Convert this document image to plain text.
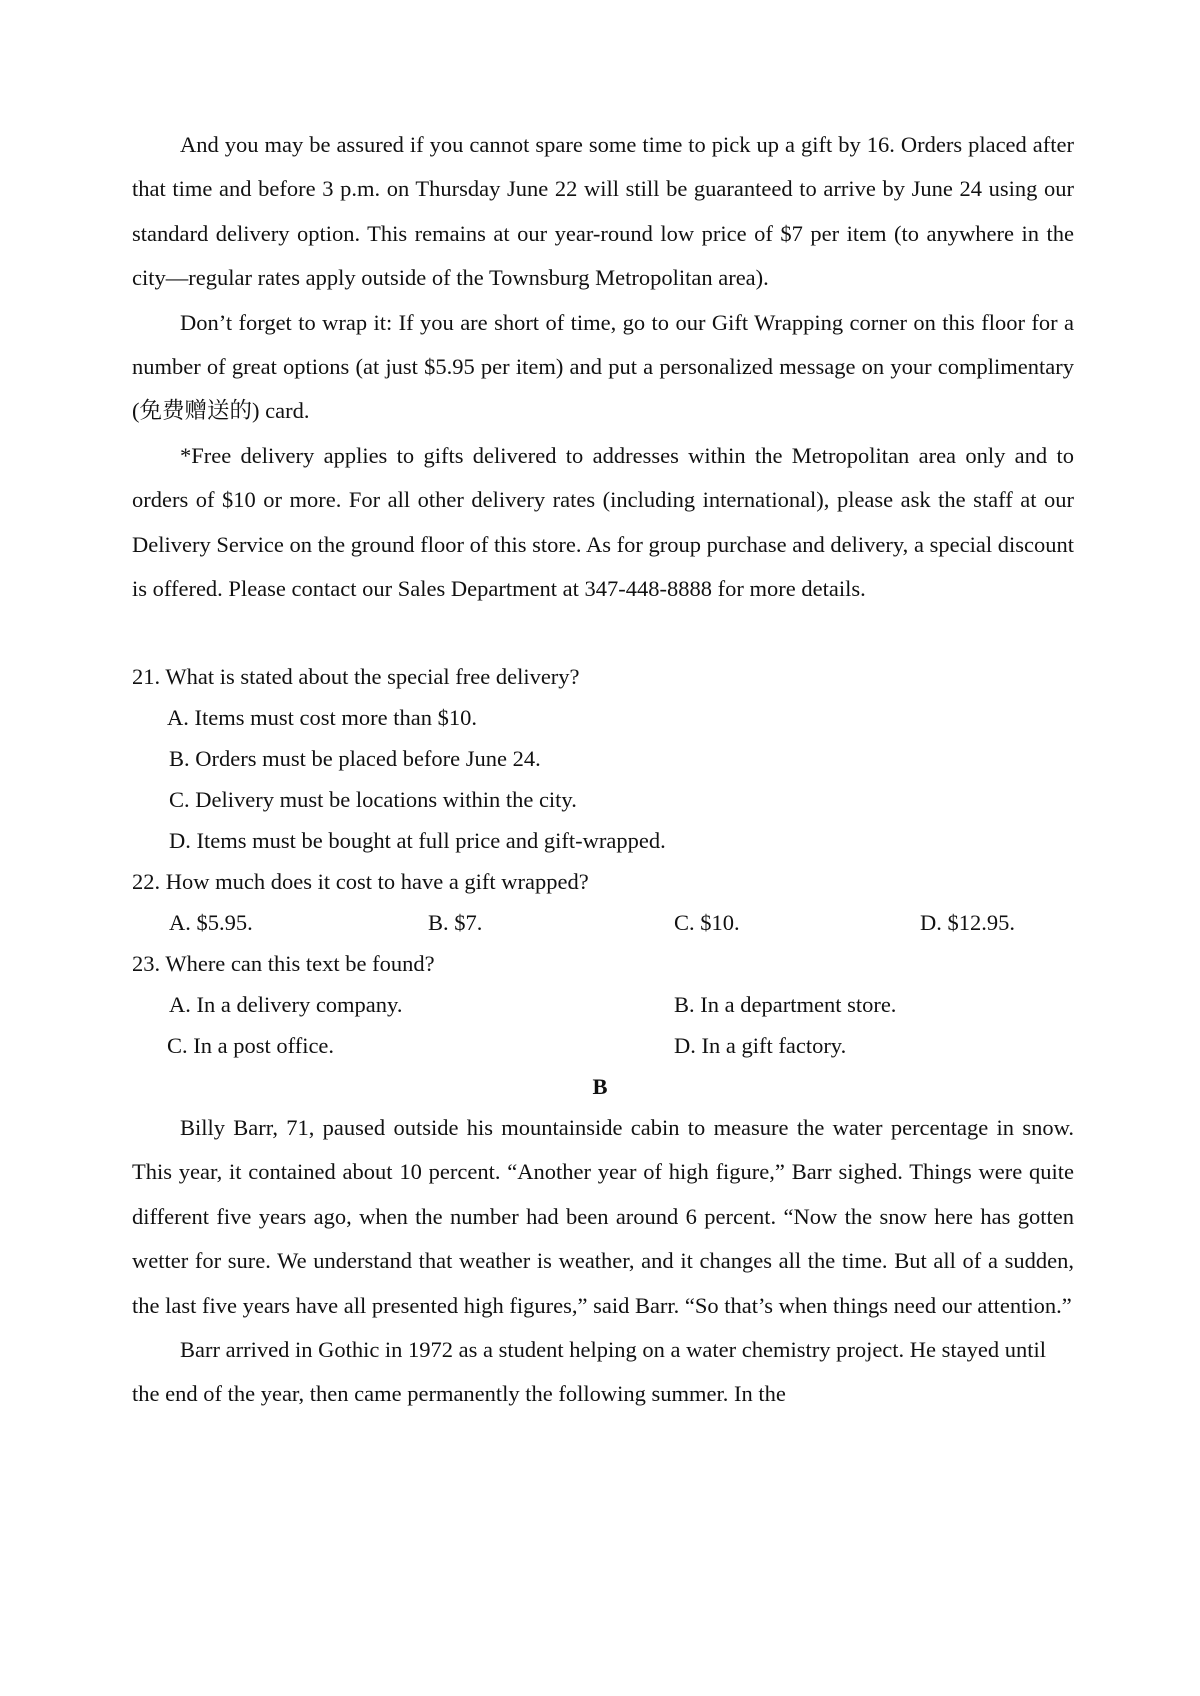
And you may be assured if you cannot spare some time to pick up a gift by 16. Orders placed after that time and before 3 p.m. on Thursday June 22 will still be guaranteed to arrive by June 24 using our standard delivery option. This remains at our year-round low price of $7 per item (to anywhere in the city—regular rates apply outside of the Townsburg Metropolitan area).

Don’t forget to wrap it: If you are short of time, go to our Gift Wrapping corner on this floor for a number of great options (at just $5.95 per item) and put a personalized message on your complimentary (免费赠送的) card.

*Free delivery applies to gifts delivered to addresses within the Metropolitan area only and to orders of $10 or more. For all other delivery rates (including international), please ask the staff at our Delivery Service on the ground floor of this store. As for group purchase and delivery, a special discount is offered. Please contact our Sales Department at 347-448-8888 for more details.

21. What is stated about the special free delivery?
A. Items must cost more than $10.
B. Orders must be placed before June 24.
C. Delivery must be locations within the city.
D. Items must be bought at full price and gift-wrapped.
22. How much does it cost to have a gift wrapped?
A. $5.95.	B. $7.	C. $10.	D. $12.95.
23. Where can this text be found?
A. In a delivery company.	B. In a department store.
C. In a post office.	D. In a gift factory.
B

Billy Barr, 71, paused outside his mountainside cabin to measure the water percentage in snow. This year, it contained about 10 percent. “Another year of high figure,” Barr sighed. Things were quite different five years ago, when the number had been around 6 percent. “Now the snow here has gotten wetter for sure. We understand that weather is weather, and it changes all the time. But all of a sudden, the last five years have all presented high figures,” said Barr. “So that’s when things need our attention.”

Barr arrived in Gothic in 1972 as a student helping on a water chemistry project. He stayed until the end of the year, then came permanently the following summer. In the
